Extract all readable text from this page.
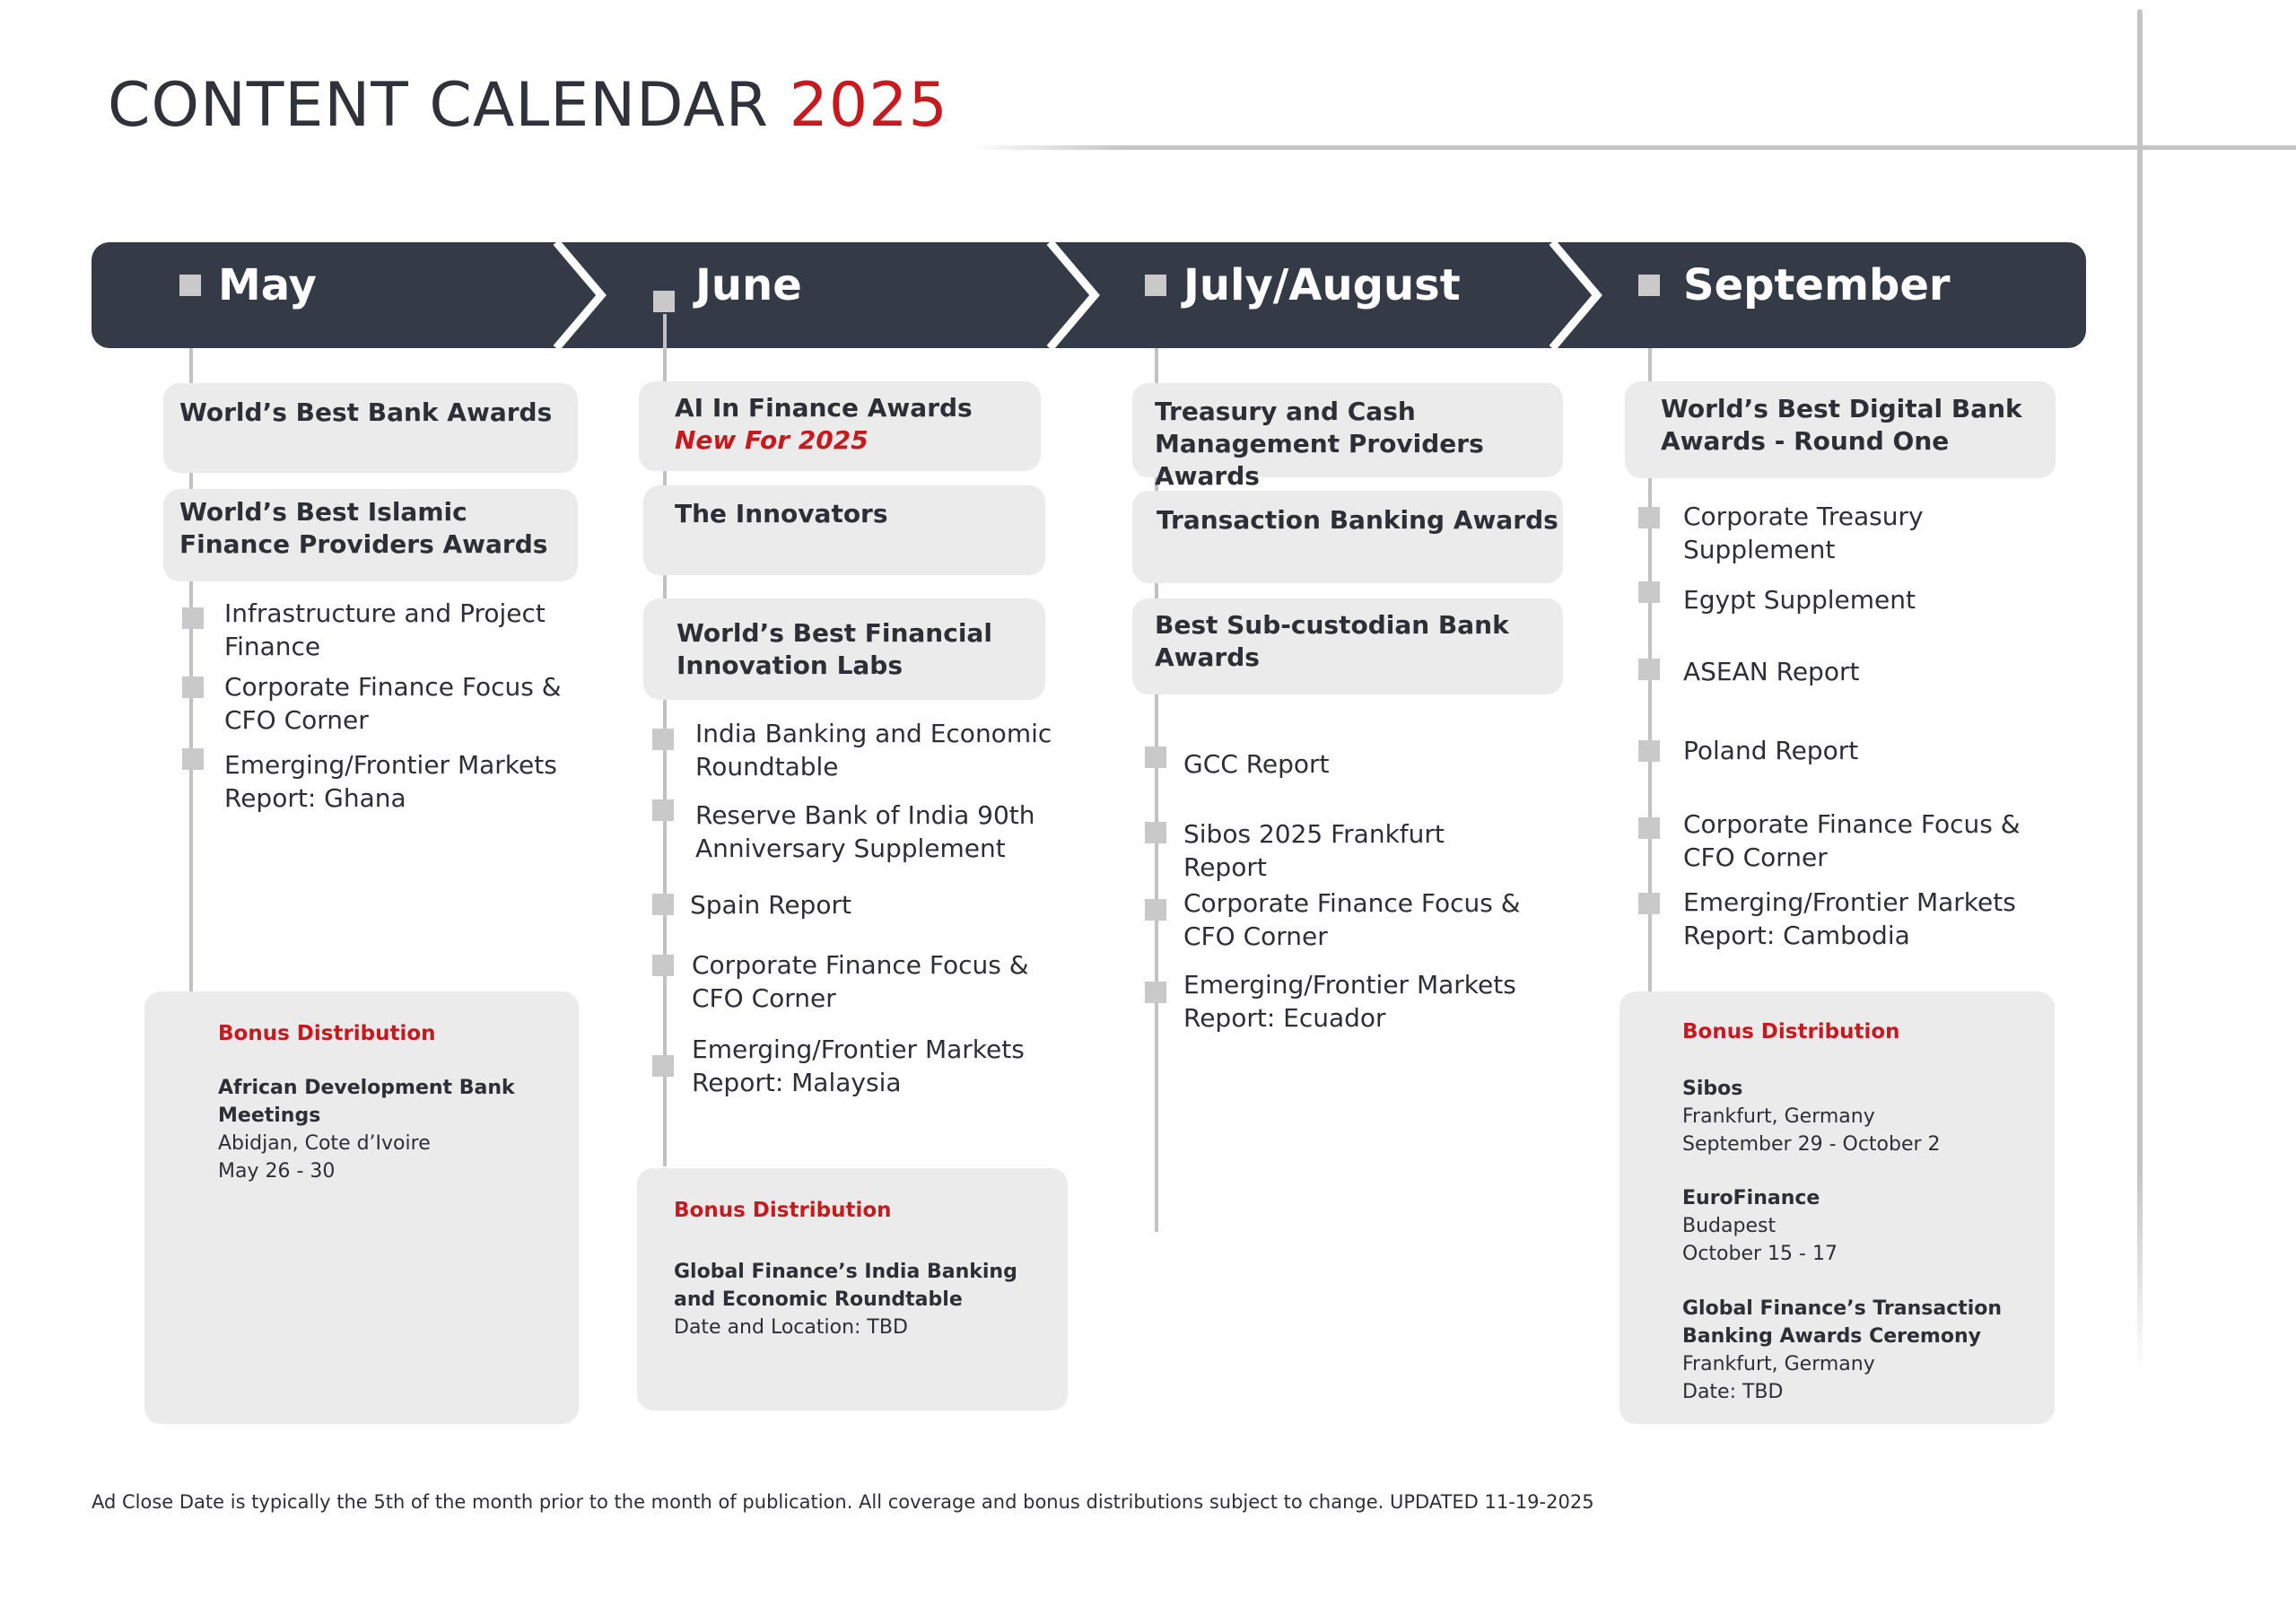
CONTENT CALENDAR 2025
May	June	July/August	September
World’s Best Bank Awards
World’s Best Islamic Finance Providers Awards
Infrastructure and Project Finance
Corporate Finance Focus & CFO Corner
Emerging/Frontier Markets Report: Ghana
Bonus Distribution
African Development Bank Meetings
Abidjan, Cote d’Ivoire
May 26 - 30
AI In Finance Awards
New For 2025
The Innovators
World’s Best Financial Innovation Labs
India Banking and Economic Roundtable
Reserve Bank of India 90th Anniversary Supplement
Spain Report
Corporate Finance Focus & CFO Corner
Emerging/Frontier Markets Report: Malaysia
Bonus Distribution
Global Finance’s India Banking and Economic Roundtable
Date and Location: TBD
Treasury and Cash Management Providers Awards
Transaction Banking Awards
Best Sub-custodian Bank Awards
GCC Report
Sibos 2025 Frankfurt Report
Corporate Finance Focus & CFO Corner
Emerging/Frontier Markets Report: Ecuador
World’s Best Digital Bank Awards - Round One
Corporate Treasury Supplement
Egypt Supplement
ASEAN Report
Poland Report
Corporate Finance Focus & CFO Corner
Emerging/Frontier Markets Report: Cambodia
Bonus Distribution
Sibos
Frankfurt, Germany
September 29 - October 2
EuroFinance
Budapest
October 15 - 17
Global Finance’s Transaction Banking Awards Ceremony
Frankfurt, Germany
Date: TBD
Ad Close Date is typically the 5th of the month prior to the month of publication. All coverage and bonus distributions subject to change. UPDATED 11-19-2025
